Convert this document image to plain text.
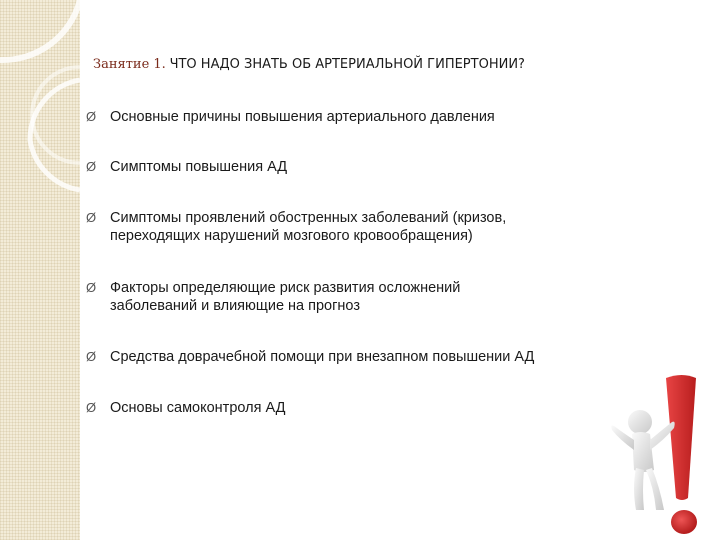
Занятие 1. ЧТО НАДО ЗНАТЬ ОБ АРТЕРИАЛЬНОЙ ГИПЕРТОНИИ?
Ø Основные причины повышения артериального давления
Ø Симптомы повышения АД
Ø Симптомы проявлений обостренных заболеваний (кризов,
переходящих нарушений мозгового кровообращения)
Ø Факторы определяющие риск развития осложнений
заболеваний и влияющие на прогноз
Ø Средства доврачебной помощи при внезапном повышении АД
Ø Основы самоконтроля АД
